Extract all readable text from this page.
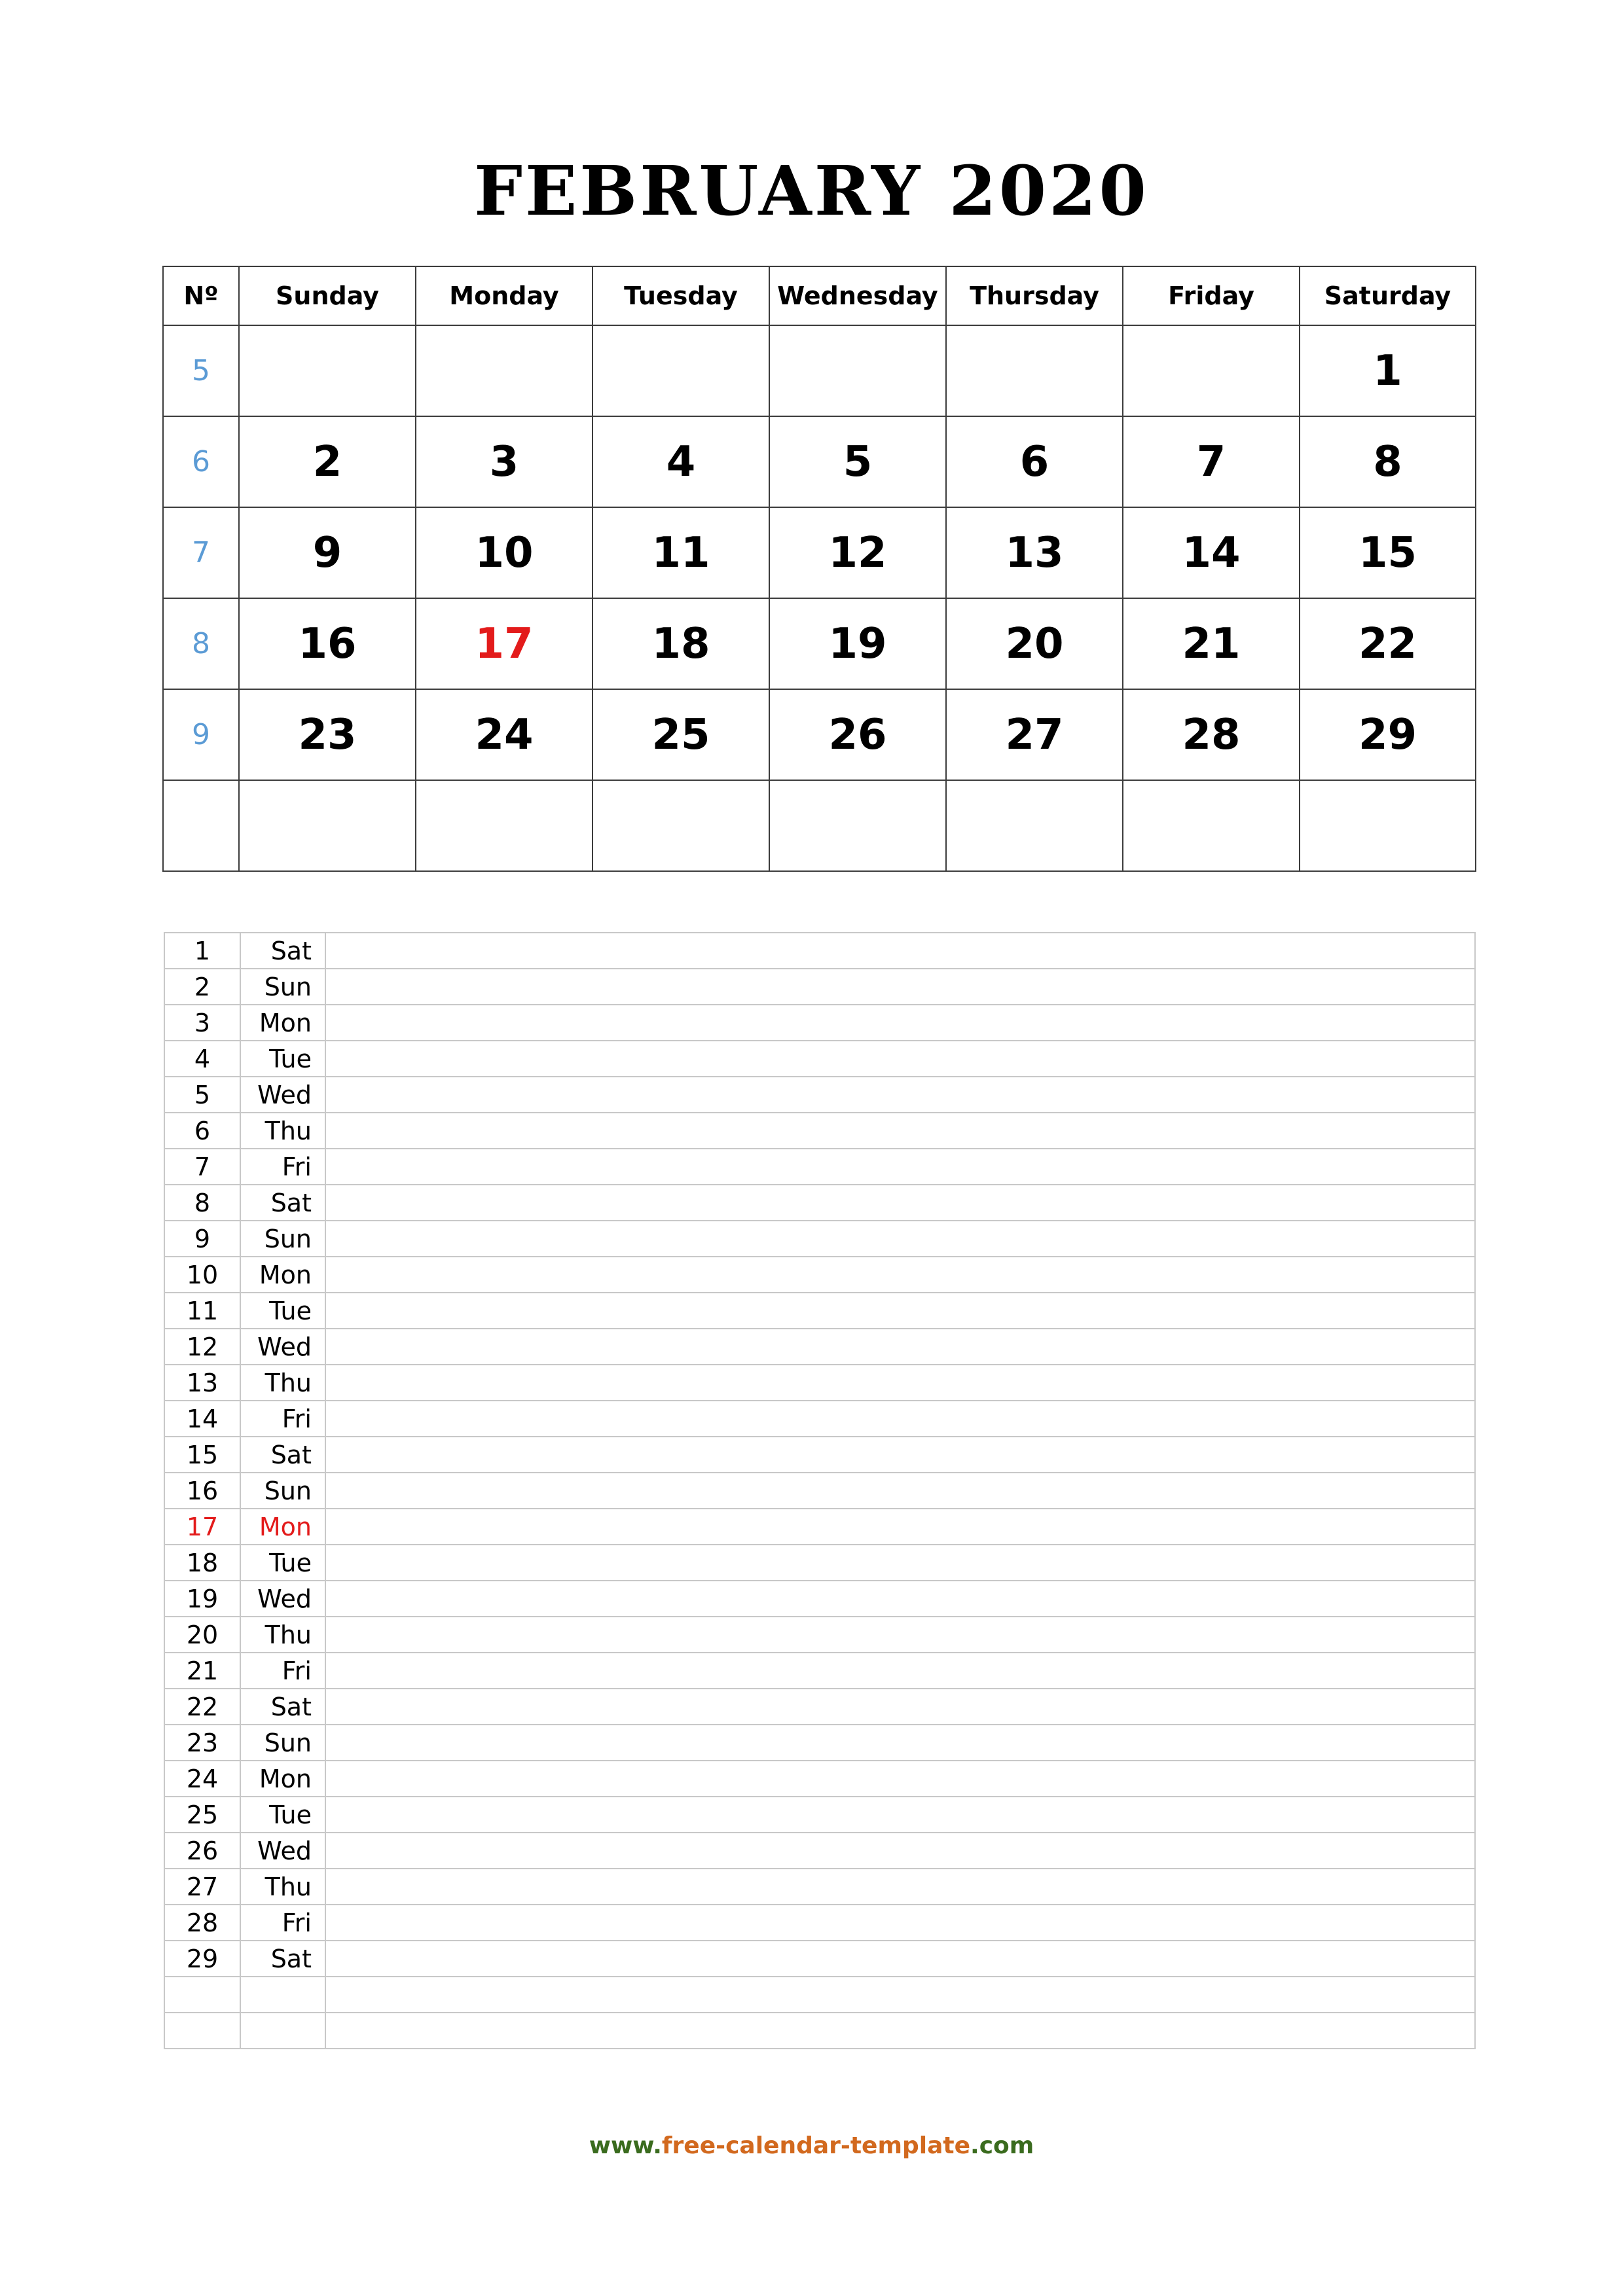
FEBRUARY 2020
Nº	Sunday	Monday	Tuesday	Wednesday	Thursday	Friday	Saturday
5							1
6	2	3	4	5	6	7	8
7	9	10	11	12	13	14	15
8	16	17	18	19	20	21	22
9	23	24	25	26	27	28	29

1	Sat	
2	Sun	
3	Mon	
4	Tue	
5	Wed	
6	Thu	
7	Fri	
8	Sat	
9	Sun	
10	Mon	
11	Tue	
12	Wed	
13	Thu	
14	Fri	
15	Sat	
16	Sun	
17	Mon	
18	Tue	
19	Wed	
20	Thu	
21	Fri	
22	Sat	
23	Sun	
24	Mon	
25	Tue	
26	Wed	
27	Thu	
28	Fri	
29	Sat	

www.free-calendar-template.com
